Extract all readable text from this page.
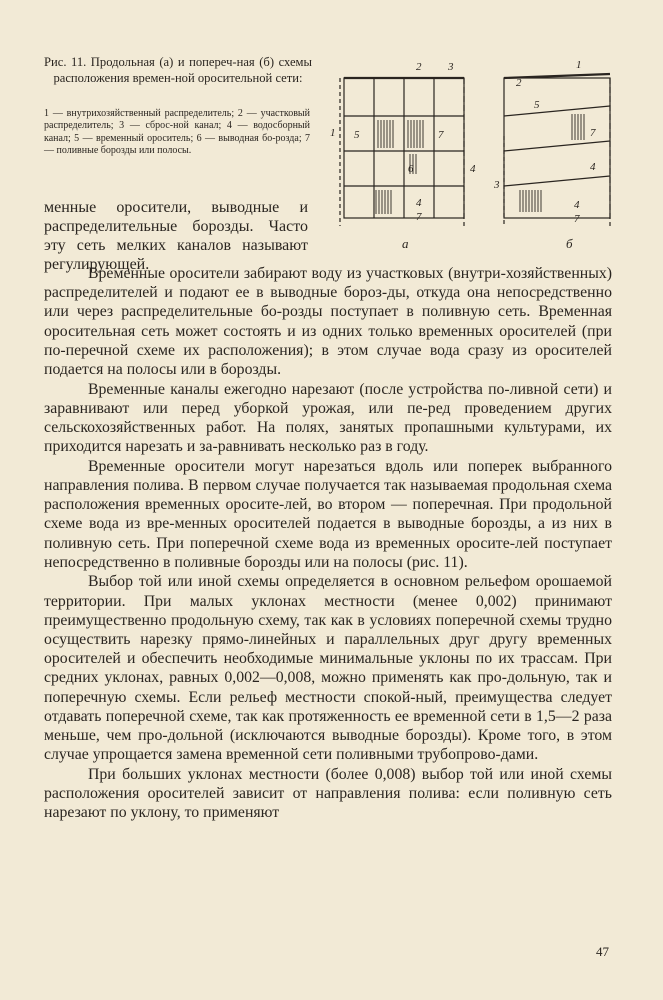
Рис. 11. Продольная (а) и попереч-ная (б) схемы расположения времен-ной оросительной сети:
1 — внутрихозяйственный распределитель; 2 — участковый распределитель; 3 — сброс-ной канал; 4 — водосборный канал; 5 — временный ороситель; 6 — выводная бо-розда; 7 — поливные борозды или полосы.
2 3
1 5	7
6	4
4
7
1
2
5
7
4
3
4
7
а	б

менные оросители, выводные и распределительные борозды. Часто эту сеть мелких каналов называют регулирующей.

Временные оросители забирают воду из участковых (внутри-хозяйственных) распределителей и подают ее в выводные бороз-ды, откуда она непосредственно или через распределительные бо-розды поступает в поливную сеть. Временная оросительная сеть может состоять и из одних только временных оросителей (при по-перечной схеме их расположения); в этом случае вода сразу из оросителей подается на полосы или в борозды.

Временные каналы ежегодно нарезают (после устройства по-ливной сети) и заравнивают или перед уборкой урожая, или пе-ред проведением других сельскохозяйственных работ. На полях, занятых пропашными культурами, их приходится нарезать и за-равнивать несколько раз в году.

Временные оросители могут нарезаться вдоль или поперек выбранного направления полива. В первом случае получается так называемая продольная схема расположения временных оросите-лей, во втором — поперечная. При продольной схеме вода из вре-менных оросителей подается в выводные борозды, а из них в поливную сеть. При поперечной схеме вода из временных оросите-лей поступает непосредственно в поливные борозды или на полосы (рис. 11).

Выбор той или иной схемы определяется в основном рельефом орошаемой территории. При малых уклонах местности (менее 0,002) принимают преимущественно продольную схему, так как в условиях поперечной схемы трудно осуществить нарезку прямо-линейных и параллельных друг другу временных оросителей и обеспечить необходимые минимальные уклоны по их трассам. При средних уклонах, равных 0,002—0,008, можно применять как про-дольную, так и поперечную схемы. Если рельеф местности спокой-ный, преимущества следует отдавать поперечной схеме, так как протяженность ее временной сети в 1,5—2 раза меньше, чем про-дольной (исключаются выводные борозды). Кроме того, в этом случае упрощается замена временной сети поливными трубопрово-дами.

При больших уклонах местности (более 0,008) выбор той или иной схемы расположения оросителей зависит от направления полива: если поливную сеть нарезают по уклону, то применяют

47
